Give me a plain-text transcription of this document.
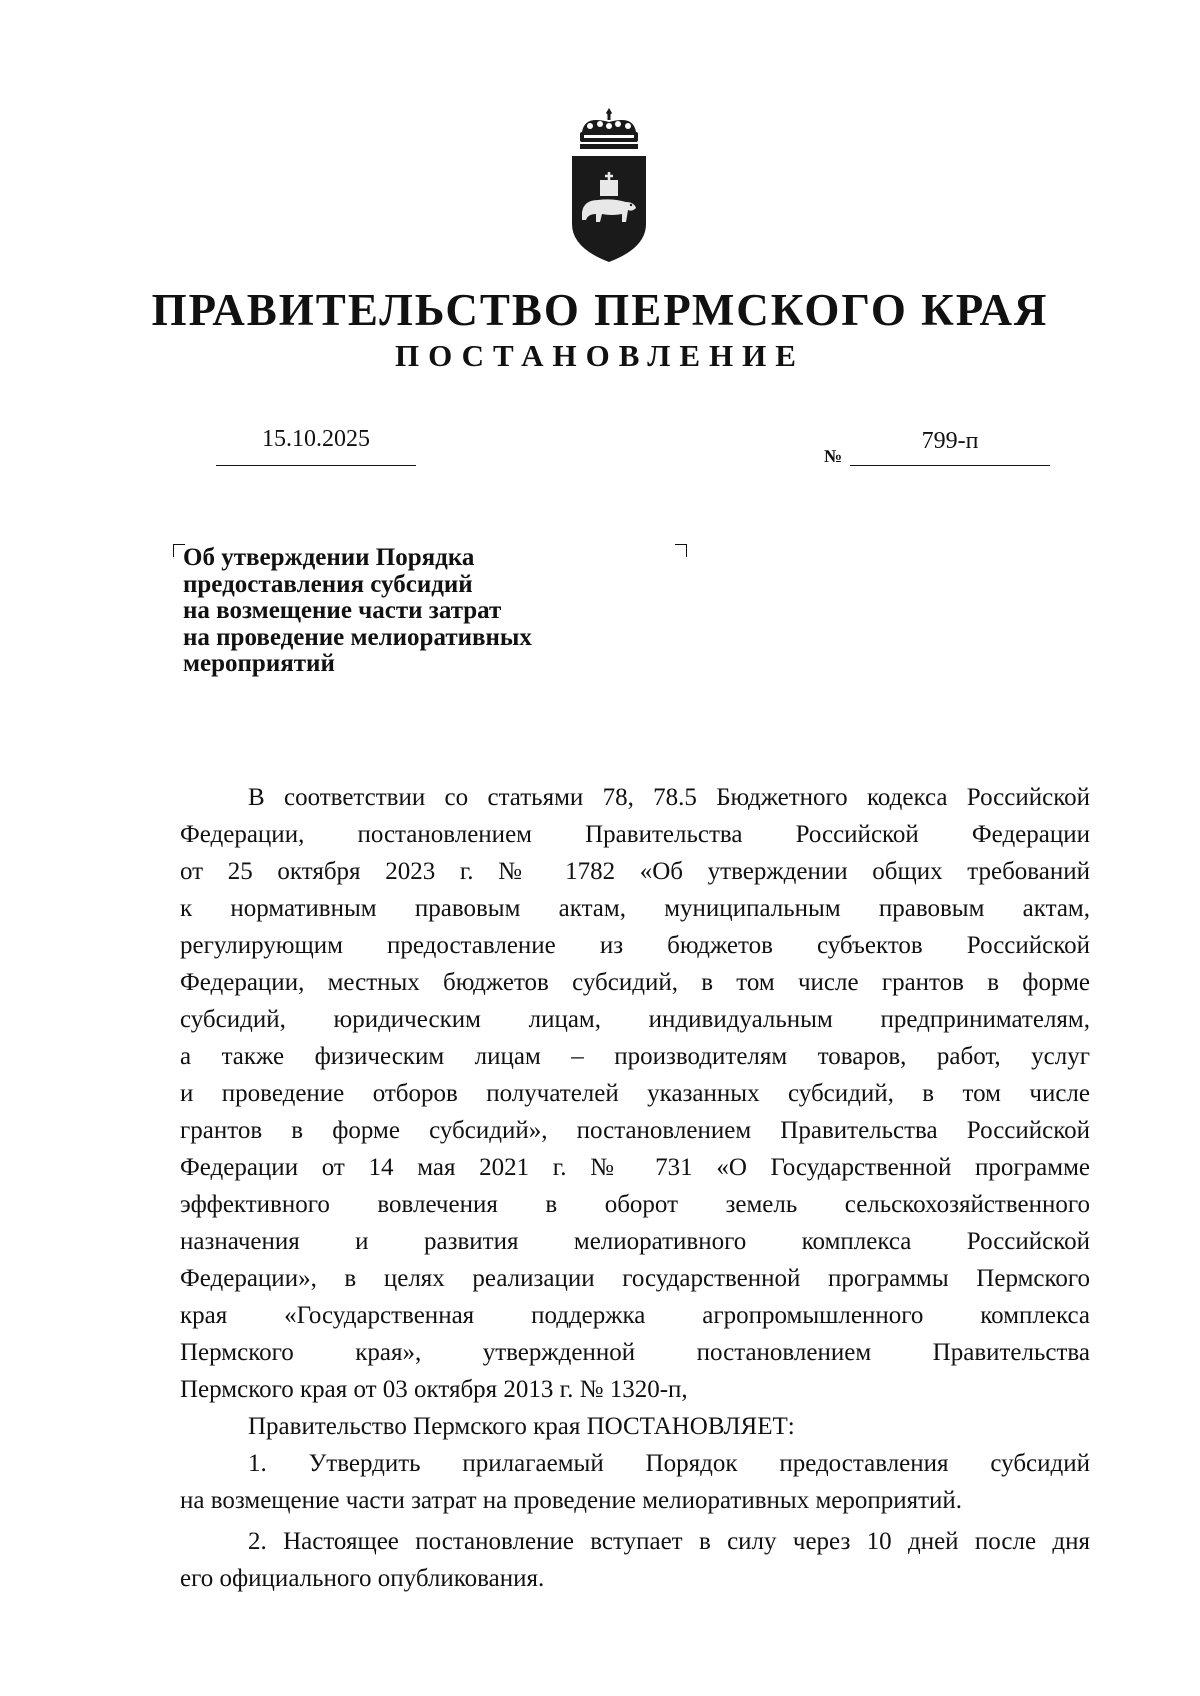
ПРАВИТЕЛЬСТВО ПЕРМСКОГО КРАЯ
ПОСТАНОВЛЕНИЕ
15.10.2025
№
799-п
Об утверждении Порядка
предоставления субсидий
на возмещение части затрат
на проведение мелиоративных
мероприятий
В соответствии со статьями 78, 78.5 Бюджетного кодекса Российской
Федерации, постановлением Правительства Российской Федерации
от 25 октября 2023 г. № 1782 «Об утверждении общих требований
к нормативным правовым актам, муниципальным правовым актам,
регулирующим предоставление из бюджетов субъектов Российской
Федерации, местных бюджетов субсидий, в том числе грантов в форме
субсидий, юридическим лицам, индивидуальным предпринимателям,
а также физическим лицам – производителям товаров, работ, услуг
и проведение отборов получателей указанных субсидий, в том числе
грантов в форме субсидий», постановлением Правительства Российской
Федерации от 14 мая 2021 г. № 731 «О Государственной программе
эффективного вовлечения в оборот земель сельскохозяйственного
назначения и развития мелиоративного комплекса Российской
Федерации», в целях реализации государственной программы Пермского
края «Государственная поддержка агропромышленного комплекса
Пермского края», утвержденной постановлением Правительства
Пермского края от 03 октября 2013 г. № 1320-п,
Правительство Пермского края ПОСТАНОВЛЯЕТ:
1. Утвердить прилагаемый Порядок предоставления субсидий
на возмещение части затрат на проведение мелиоративных мероприятий.
2. Настоящее постановление вступает в силу через 10 дней после дня
его официального опубликования.
